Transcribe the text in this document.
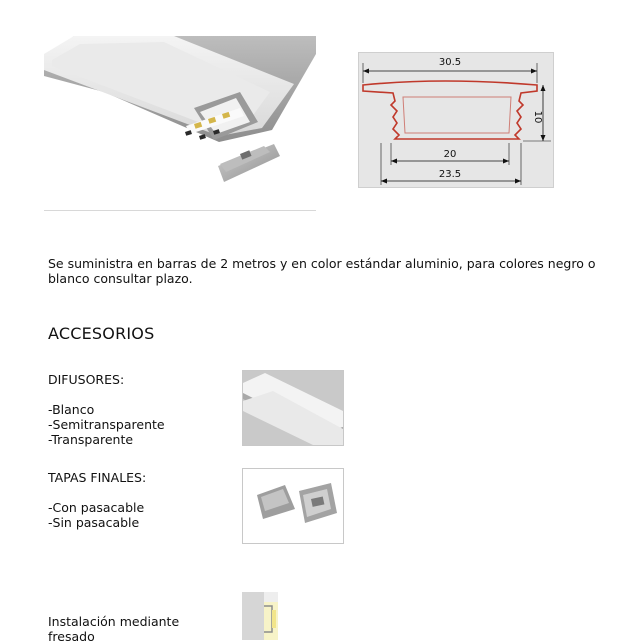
30.5
10
20
23.5
Se suministra en barras de 2 metros y en color estándar aluminio, para colores negro o blanco consultar plazo.
ACCESORIOS
DIFUSORES:
-Blanco
-Semitransparente
-Transparente
TAPAS FINALES:
-Con pasacable
-Sin pasacable
Instalación mediante
fresado
